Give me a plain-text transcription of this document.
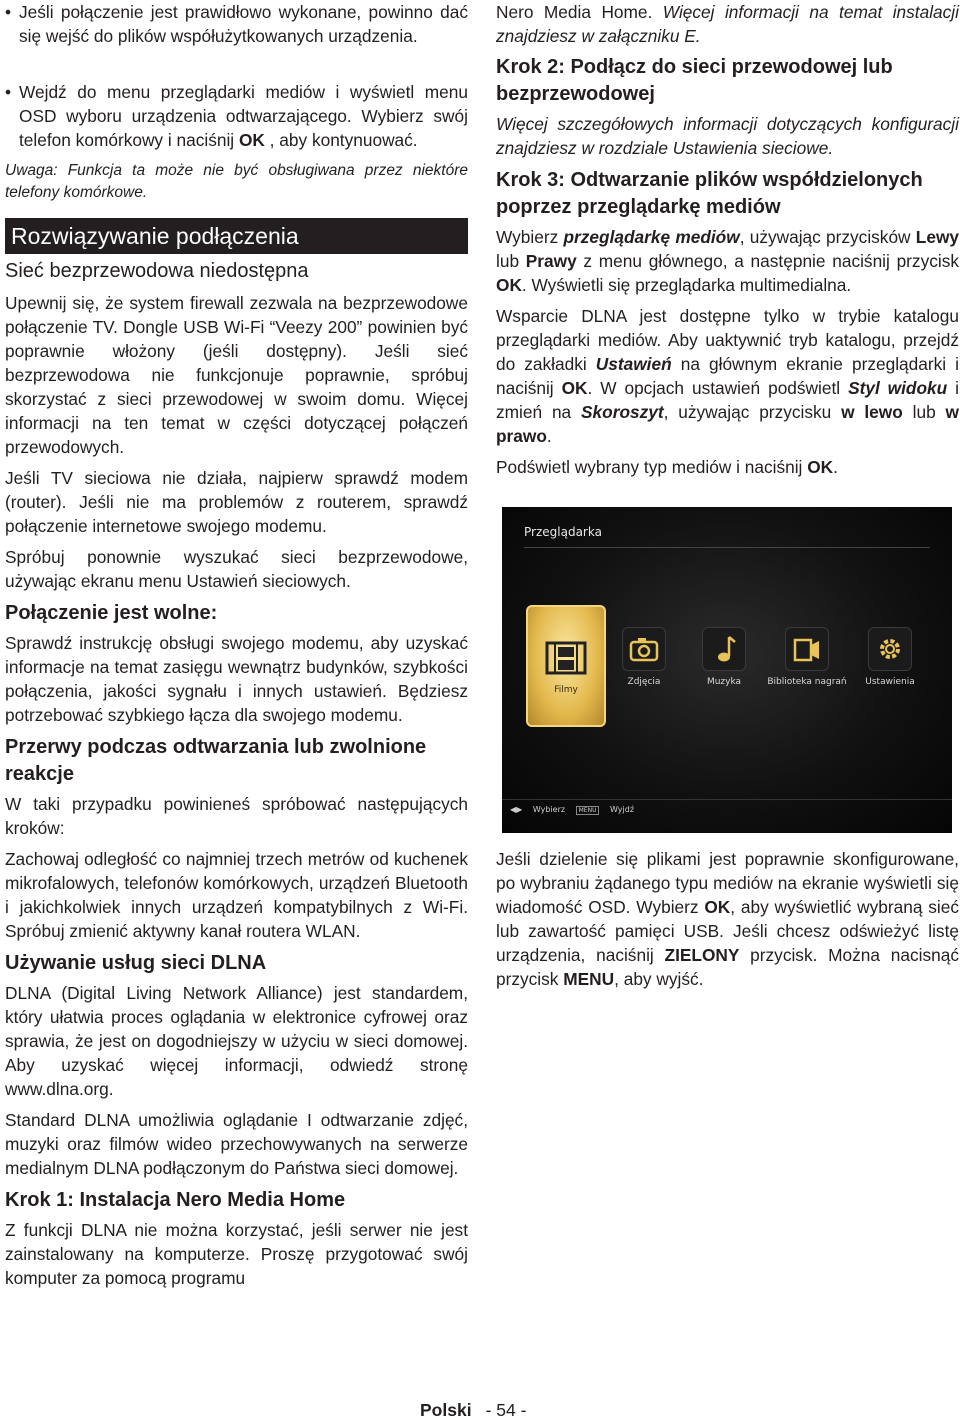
• Jeśli połączenie jest prawidłowo wykonane, powinno dać się wejść do plików współużytkowanych urządzenia.
• Wejdź do menu przeglądarki mediów i wyświetl menu OSD wyboru urządzenia odtwarzającego. Wybierz swój telefon komórkowy i naciśnij OK , aby kontynuować.

Uwaga: Funkcja ta może nie być obsługiwana przez niektóre telefony komórkowe.

Rozwiązywanie podłączenia
Sieć bezprzewodowa niedostępna

Upewnij się, że system firewall zezwala na bezprzewodowe połączenie TV. Dongle USB Wi-Fi “Veezy 200” powinien być poprawnie włożony (jeśli dostępny). Jeśli sieć bezprzewodowa nie funkcjonuje poprawnie, spróbuj skorzystać z sieci przewodowej w swoim domu. Więcej informacji na ten temat w części dotyczącej połączeń przewodowych.

Jeśli TV sieciowa nie działa, najpierw sprawdź modem (router). Jeśli nie ma problemów z routerem, sprawdź połączenie internetowe swojego modemu.

Spróbuj ponownie wyszukać sieci bezprzewodowe, używając ekranu menu Ustawień sieciowych.

Połączenie jest wolne:

Sprawdź instrukcję obsługi swojego modemu, aby uzyskać informacje na temat zasięgu wewnątrz budynków, szybkości połączenia, jakości sygnału i innych ustawień. Będziesz potrzebować szybkiego łącza dla swojego modemu.

Przerwy podczas odtwarzania lub zwolnione reakcje

W taki przypadku powinieneś spróbować następujących kroków:

Zachowaj odległość co najmniej trzech metrów od kuchenek mikrofalowych, telefonów komórkowych, urządzeń Bluetooth i jakichkolwiek innych urządzeń kompatybilnych z Wi-Fi. Spróbuj zmienić aktywny kanał routera WLAN.

Używanie usług sieci DLNA

DLNA (Digital Living Network Alliance) jest standardem, który ułatwia proces oglądania w elektronice cyfrowej oraz sprawia, że jest on dogodniejszy w użyciu w sieci domowej. Aby uzyskać więcej informacji, odwiedź stronę www.dlna.org.

Standard DLNA umożliwia oglądanie I odtwarzanie zdjęć, muzyki oraz filmów wideo przechowywanych na serwerze medialnym DLNA podłączonym do Państwa sieci domowej.

Krok 1: Instalacja Nero Media Home

Z funkcji DLNA nie można korzystać, jeśli serwer nie jest zainstalowany na komputerze. Proszę przygotować swój komputer za pomocą programu

Nero Media Home. Więcej informacji na temat instalacji znajdziesz w załączniku E.

Krok 2: Podłącz do sieci przewodowej lub bezprzewodowej

Więcej szczegółowych informacji dotyczących konfiguracji znajdziesz w rozdziale Ustawienia sieciowe.

Krok 3: Odtwarzanie plików współdzielonych poprzez przeglądarkę mediów

Wybierz przeglądarkę mediów, używając przycisków Lewy lub Prawy z menu głównego, a następnie naciśnij przycisk OK. Wyświetli się przeglądarka multimedialna.

Wsparcie DLNA jest dostępne tylko w trybie katalogu przeglądarki mediów. Aby uaktywnić tryb katalogu, przejdź do zakładki Ustawień na głównym ekranie przeglądarki i naciśnij OK. W opcjach ustawień podświetl Styl widoku i zmień na Skoroszyt, używając przycisku w lewo lub w prawo.

Podświetl wybrany typ mediów i naciśnij OK.

Przeglądarka
Filmy
Zdjęcia	Muzyka	Biblioteka nagrań	Ustawienia
◀▶ Wybierz MENU Wyjdź

Jeśli dzielenie się plikami jest poprawnie skonfigurowane, po wybraniu żądanego typu mediów na ekranie wyświetli się wiadomość OSD. Wybierz OK, aby wyświetlić wybraną sieć lub zawartość pamięci USB. Jeśli chcesz odświeżyć listę urządzenia, naciśnij ZIELONY przycisk. Można nacisnąć przycisk MENU, aby wyjść.

Polski - 54 -
